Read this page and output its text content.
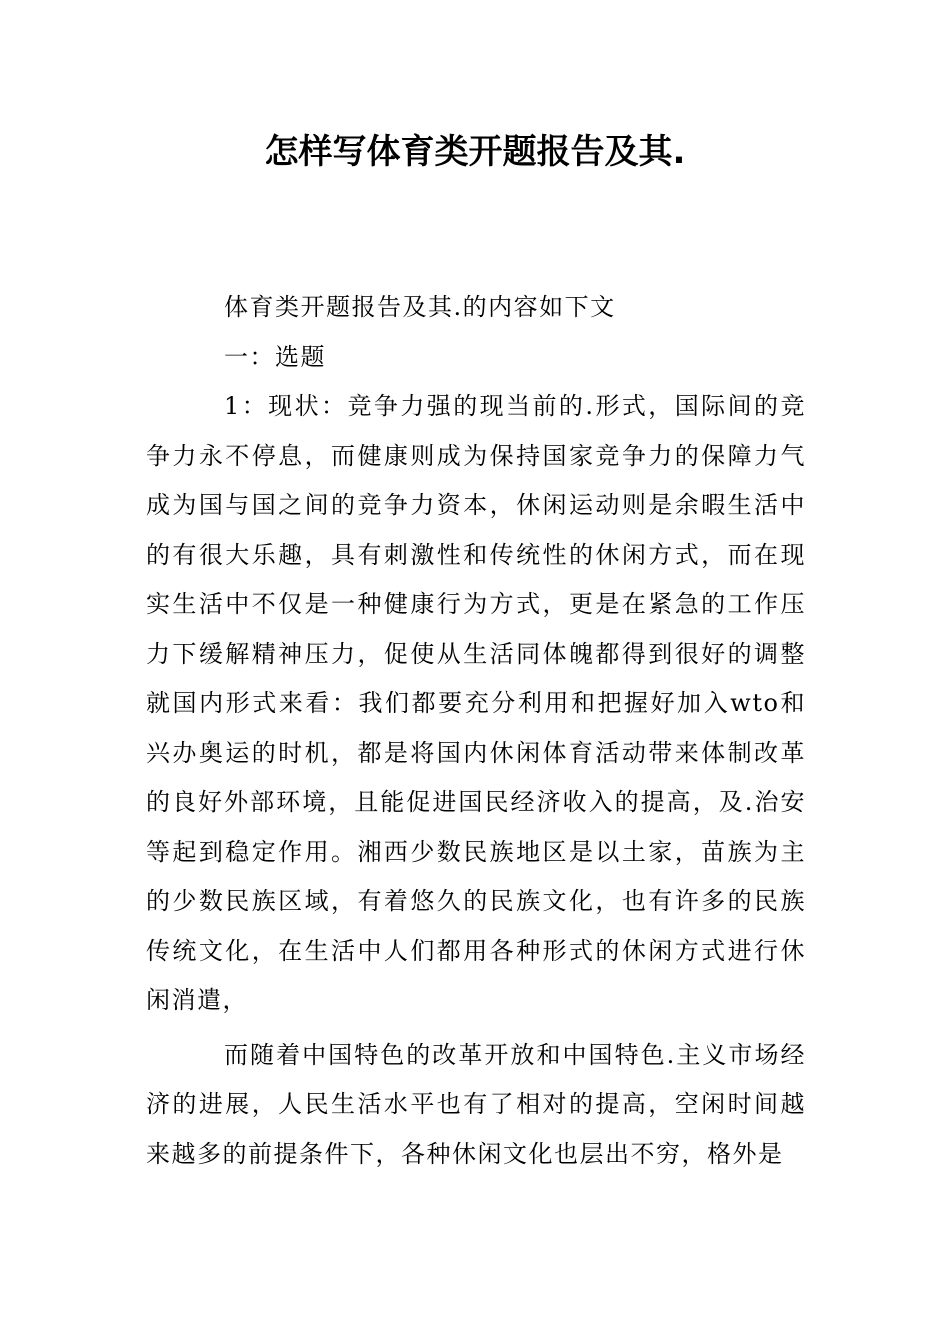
怎样写体育类开题报告及其.

体育类开题报告及其.的内容如下文

一：选题

1：现状：竞争力强的现当前的.形式，国际间的竞争力永不停息，而健康则成为保持国家竞争力的保障力气成为国与国之间的竞争力资本，休闲运动则是余暇生活中的有很大乐趣，具有刺激性和传统性的休闲方式，而在现实生活中不仅是一种健康行为方式，更是在紧急的工作压力下缓解精神压力，促使从生活同体魄都得到很好的调整就国内形式来看：我们都要充分利用和把握好加入wto和兴办奥运的时机，都是将国内休闲体育活动带来体制改革的良好外部环境，且能促进国民经济收入的提高，及.治安等起到稳定作用。湘西少数民族地区是以土家，苗族为主的少数民族区域，有着悠久的民族文化，也有许多的民族传统文化，在生活中人们都用各种形式的休闲方式进行休闲消遣，

而随着中国特色的改革开放和中国特色.主义市场经济的进展，人民生活水平也有了相对的提高，空闲时间越来越多的前提条件下，各种休闲文化也层出不穷，格外是
